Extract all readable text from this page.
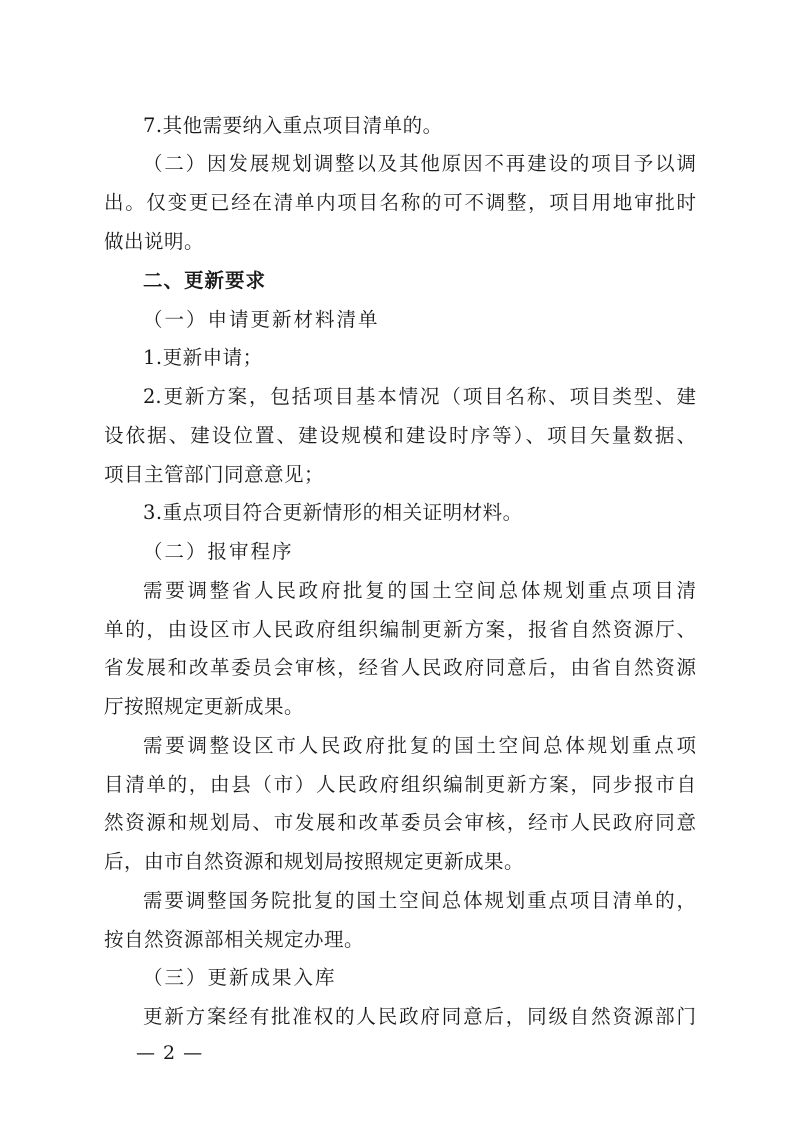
7.其他需要纳入重点项目清单的。
（二）因发展规划调整以及其他原因不再建设的项目予以调
出。仅变更已经在清单内项目名称的可不调整，项目用地审批时
做出说明。
二、更新要求
（一）申请更新材料清单
1.更新申请；
2.更新方案，包括项目基本情况（项目名称、项目类型、建
设依据、建设位置、建设规模和建设时序等）、项目矢量数据、
项目主管部门同意意见；
3.重点项目符合更新情形的相关证明材料。
（二）报审程序
需要调整省人民政府批复的国土空间总体规划重点项目清
单的，由设区市人民政府组织编制更新方案，报省自然资源厅、
省发展和改革委员会审核，经省人民政府同意后，由省自然资源
厅按照规定更新成果。
需要调整设区市人民政府批复的国土空间总体规划重点项
目清单的，由县（市）人民政府组织编制更新方案，同步报市自
然资源和规划局、市发展和改革委员会审核，经市人民政府同意
后，由市自然资源和规划局按照规定更新成果。
需要调整国务院批复的国土空间总体规划重点项目清单的，
按自然资源部相关规定办理。
（三）更新成果入库
更新方案经有批准权的人民政府同意后，同级自然资源部门
— 2 —
